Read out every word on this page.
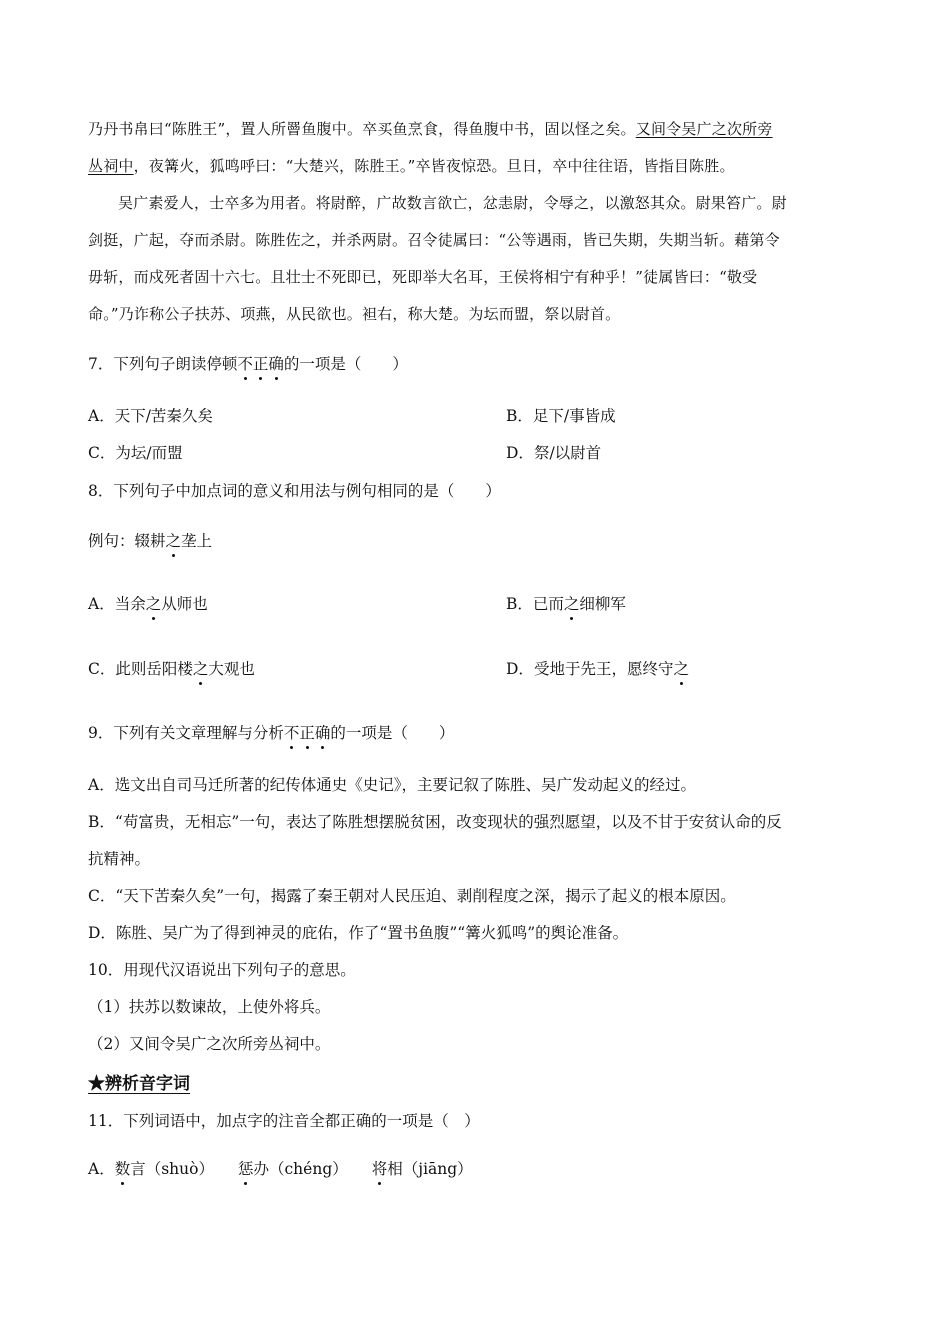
乃丹书帛曰“陈胜王”，置人所罾鱼腹中。卒买鱼烹食，得鱼腹中书，固以怪之矣。又间令吴广之次所旁
丛祠中，夜篝火，狐鸣呼曰：“大楚兴，陈胜王。”卒皆夜惊恐。旦日，卒中往往语，皆指目陈胜。
吴广素爱人，士卒多为用者。将尉醉，广故数言欲亡，忿恚尉，令辱之，以激怒其众。尉果笞广。尉
剑挺，广起，夺而杀尉。陈胜佐之，并杀两尉。召令徒属曰：“公等遇雨，皆已失期，失期当斩。藉第令
毋斩，而戍死者固十六七。且壮士不死即已，死即举大名耳，王侯将相宁有种乎！”徒属皆曰：“敬受
命。”乃诈称公子扶苏、项燕，从民欲也。袒右，称大楚。为坛而盟，祭以尉首。
7．下列句子朗读停顿不正确的一项是（　　）
A．天下/苦秦久矣	B．足下/事皆成
C．为坛/而盟	D．祭/以尉首
8．下列句子中加点词的意义和用法与例句相同的是（　　）
例句：辍耕之垄上
A．当余之从师也	B．已而之细柳军
C．此则岳阳楼之大观也	D．受地于先王，愿终守之
9．下列有关文章理解与分析不正确的一项是（　　）
A．选文出自司马迁所著的纪传体通史《史记》，主要记叙了陈胜、吴广发动起义的经过。
B．“苟富贵，无相忘”一句，表达了陈胜想摆脱贫困，改变现状的强烈愿望，以及不甘于安贫认命的反
抗精神。
C．“天下苦秦久矣”一句，揭露了秦王朝对人民压迫、剥削程度之深，揭示了起义的根本原因。
D．陈胜、吴广为了得到神灵的庇佑，作了“置书鱼腹”“篝火狐鸣”的舆论准备。
10．用现代汉语说出下列句子的意思。
（1）扶苏以数谏故，上使外将兵。
（2）又间令吴广之次所旁丛祠中。
★辨析音字词
11．下列词语中，加点字的注音全都正确的一项是（　）
A．数言（shuò） 惩办（chéng） 将相（jiāng）
